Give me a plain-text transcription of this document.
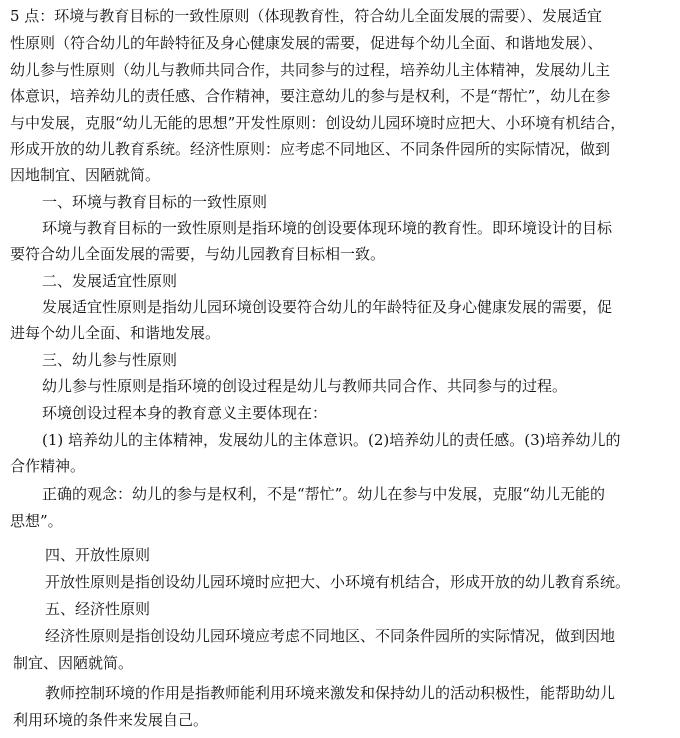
5 点：环境与教育目标的一致性原则（体现教育性，符合幼儿全面发展的需要）、发展适宜
性原则（符合幼儿的年龄特征及身心健康发展的需要，促进每个幼儿全面、和谐地发展）、
幼儿参与性原则（幼儿与教师共同合作，共同参与的过程，培养幼儿主体精神，发展幼儿主
体意识，培养幼儿的责任感、合作精神，要注意幼儿的参与是权利，不是“帮忙”，幼儿在参
与中发展，克服“幼儿无能的思想”开发性原则：创设幼儿园环境时应把大、小环境有机结合，
形成开放的幼儿教育系统。经济性原则：应考虑不同地区、不同条件园所的实际情况，做到
因地制宜、因陋就简。
一、环境与教育目标的一致性原则
环境与教育目标的一致性原则是指环境的创设要体现环境的教育性。即环境设计的目标
要符合幼儿全面发展的需要，与幼儿园教育目标相一致。
二、发展适宜性原则
发展适宜性原则是指幼儿园环境创设要符合幼儿的年龄特征及身心健康发展的需要，促
进每个幼儿全面、和谐地发展。
三、幼儿参与性原则
幼儿参与性原则是指环境的创设过程是幼儿与教师共同合作、共同参与的过程。
环境创设过程本身的教育意义主要体现在：
(1) 培养幼儿的主体精神，发展幼儿的主体意识。(2)培养幼儿的责任感。(3)培养幼儿的
合作精神。
正确的观念：幼儿的参与是权利，不是“帮忙”。幼儿在参与中发展，克服“幼儿无能的
思想”。
四、开放性原则
开放性原则是指创设幼儿园环境时应把大、小环境有机结合，形成开放的幼儿教育系统。
五、经济性原则
经济性原则是指创设幼儿园环境应考虑不同地区、不同条件园所的实际情况，做到因地
制宜、因陋就简。
教师控制环境的作用是指教师能利用环境来激发和保持幼儿的活动积极性，能帮助幼儿
利用环境的条件来发展自己。
